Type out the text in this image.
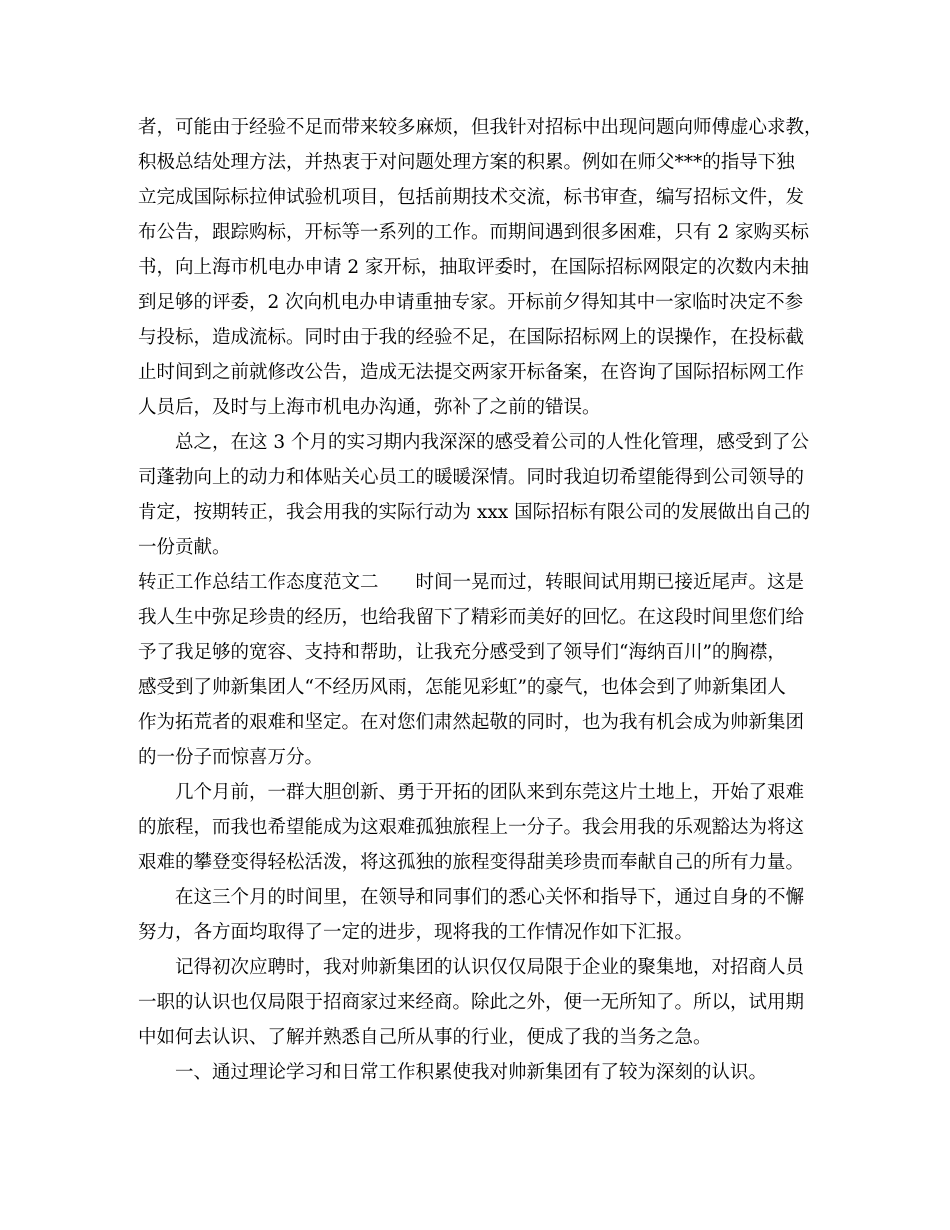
者，可能由于经验不足而带来较多麻烦，但我针对招标中出现问题向师傅虚心求教，
积极总结处理方法，并热衷于对问题处理方案的积累。例如在师父***的指导下独
立完成国际标拉伸试验机项目，包括前期技术交流，标书审查，编写招标文件，发
布公告，跟踪购标，开标等一系列的工作。而期间遇到很多困难，只有 2 家购买标
书，向上海市机电办申请 2 家开标，抽取评委时，在国际招标网限定的次数内未抽
到足够的评委，2 次向机电办申请重抽专家。开标前夕得知其中一家临时决定不参
与投标，造成流标。同时由于我的经验不足，在国际招标网上的误操作，在投标截
止时间到之前就修改公告，造成无法提交两家开标备案，在咨询了国际招标网工作
人员后，及时与上海市机电办沟通，弥补了之前的错误。
总之，在这 3 个月的实习期内我深深的感受着公司的人性化管理，感受到了公
司蓬勃向上的动力和体贴关心员工的暖暖深情。同时我迫切希望能得到公司领导的
肯定，按期转正，我会用我的实际行动为 xxx 国际招标有限公司的发展做出自己的
一份贡献。
转正工作总结工作态度范文二　　时间一晃而过，转眼间试用期已接近尾声。这是
我人生中弥足珍贵的经历，也给我留下了精彩而美好的回忆。在这段时间里您们给
予了我足够的宽容、支持和帮助，让我充分感受到了领导们“海纳百川”的胸襟，
感受到了帅新集团人“不经历风雨，怎能见彩虹”的豪气，也体会到了帅新集团人
作为拓荒者的艰难和坚定。在对您们肃然起敬的同时，也为我有机会成为帅新集团
的一份子而惊喜万分。
几个月前，一群大胆创新、勇于开拓的团队来到东莞这片土地上，开始了艰难
的旅程，而我也希望能成为这艰难孤独旅程上一分子。我会用我的乐观豁达为将这
艰难的攀登变得轻松活泼，将这孤独的旅程变得甜美珍贵而奉献自己的所有力量。
在这三个月的时间里，在领导和同事们的悉心关怀和指导下，通过自身的不懈
努力，各方面均取得了一定的进步，现将我的工作情况作如下汇报。
记得初次应聘时，我对帅新集团的认识仅仅局限于企业的聚集地，对招商人员
一职的认识也仅局限于招商家过来经商。除此之外，便一无所知了。所以，试用期
中如何去认识、了解并熟悉自己所从事的行业，便成了我的当务之急。
一、通过理论学习和日常工作积累使我对帅新集团有了较为深刻的认识。
